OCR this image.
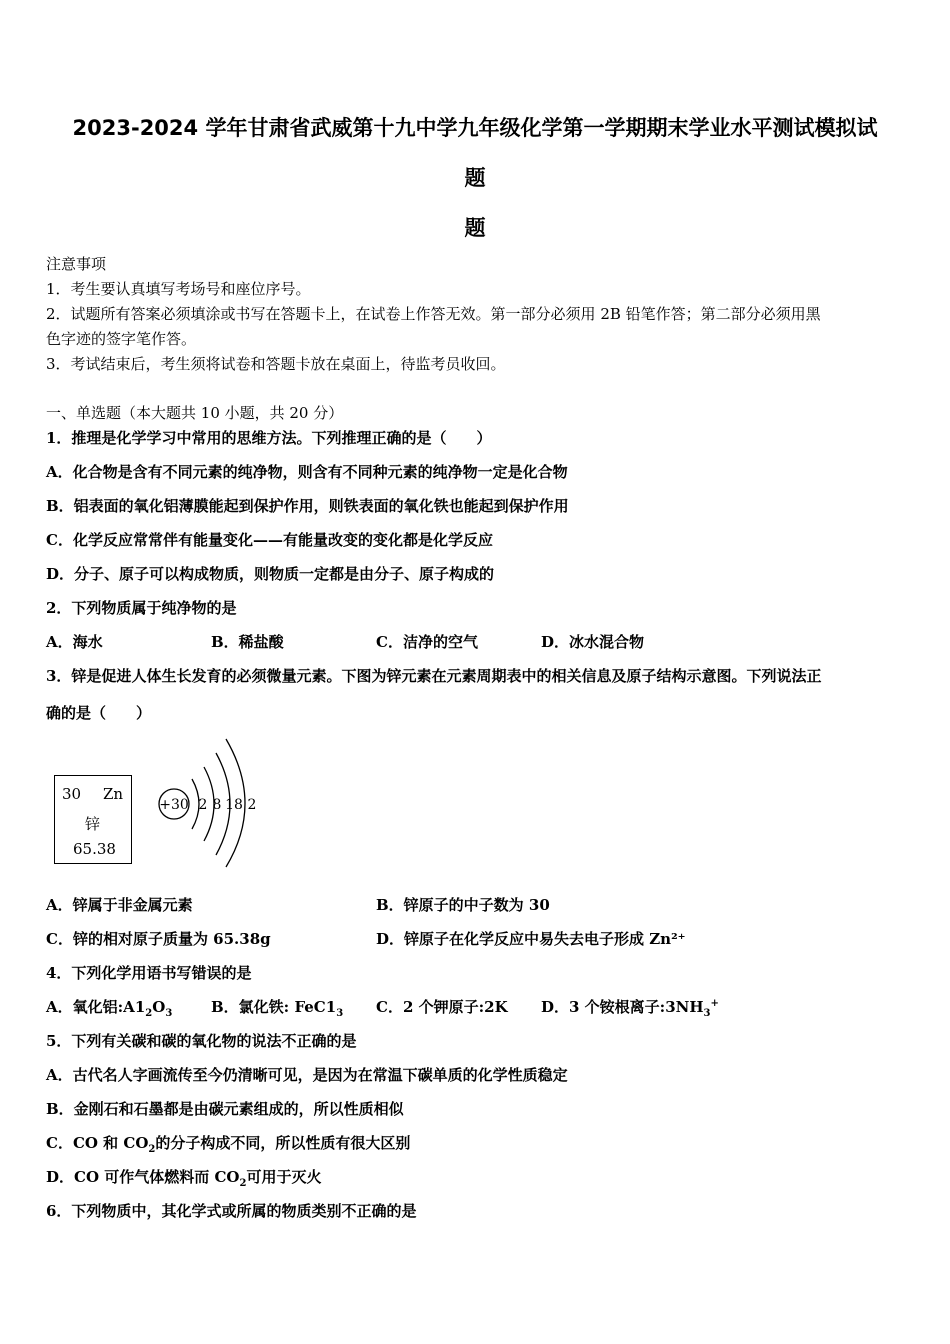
2023-2024 学年甘肃省武威第十九中学九年级化学第一学期期末学业水平测试模拟试
题
题
注意事项
1．考生要认真填写考场号和座位序号。
2．试题所有答案必须填涂或书写在答题卡上，在试卷上作答无效。第一部分必须用 2B 铅笔作答；第二部分必须用黑
色字迹的签字笔作答。
3．考试结束后，考生须将试卷和答题卡放在桌面上，待监考员收回。
一、单选题（本大题共 10 小题，共 20 分）
1．推理是化学学习中常用的思维方法。下列推理正确的是（　　）
A．化合物是含有不同元素的纯净物，则含有不同种元素的纯净物一定是化合物
B．铝表面的氧化铝薄膜能起到保护作用，则铁表面的氧化铁也能起到保护作用
C．化学反应常常伴有能量变化——有能量改变的变化都是化学反应
D．分子、原子可以构成物质，则物质一定都是由分子、原子构成的
2．下列物质属于纯净物的是
A．海水	B．稀盐酸	C．洁净的空气	D．冰水混合物
3．锌是促进人体生长发育的必须微量元素。下图为锌元素在元素周期表中的相关信息及原子结构示意图。下列说法正
确的是（　　）
30 Zn
锌
65.38
+30 2 8 18 2
A．锌属于非金属元素	B．锌原子的中子数为 30
C．锌的相对原子质量为 65.38g	D．锌原子在化学反应中易失去电子形成 Zn²⁺
4．下列化学用语书写错误的是
A．氧化铝$:A1_2O_3$	B．氯化铁: $FeC1_3$ C．2 个钾原子:2K D．3 个铵根离子$:3NH_3^+$
5．下列有关碳和碳的氧化物的说法不正确的是
A．古代名人字画流传至今仍清晰可见，是因为在常温下碳单质的化学性质稳定
B．金刚石和石墨都是由碳元素组成的，所以性质相似
C．CO 和 $CO_2$的分子构成不同，所以性质有很大区别
D．CO 可作气体燃料而 $CO_2$可用于灭火
6．下列物质中，其化学式或所属的物质类别不正确的是
